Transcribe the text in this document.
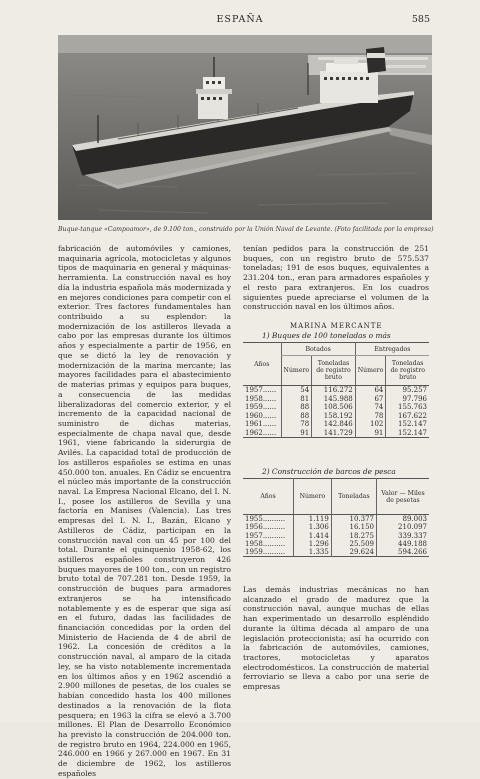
ESPAÑA	585
Buque-tanque «Campoamor», de 9.100 ton., construido por la Unión Naval de Levante. (Foto facilitada por la empresa)
fabricación de automóviles y camiones, maquinaria agrícola, motocicletas y algunos tipos de maquinaria en general y máquinas-herramienta. La construcción naval es hoy día la industria española más modernizada y en mejores condiciones para competir con el exterior. Tres factores fundamentales han contribuido a su esplendor: la modernización de los astilleros llevada a cabo por las empresas durante los últimos años y especialmente a partir de 1956, en que se dictó la ley de renovación y modernización de la marina mercante; las mayores facilidades para el abastecimiento de materias primas y equipos para buques, a consecuencia de las medidas liberalizadoras del comercio exterior, y el incremento de la capacidad nacional de suministro de dichas materias, especialmente de chapa naval que, desde 1961, viene fabricando la siderurgia de Avilés. La capacidad total de producción de los astilleros españoles se estima en unas 450.000 ton. anuales. En Cádiz se encuentra el núcleo más importante de la construcción naval. La Empresa Nacional Elcano, del I. N. I., posee los astilleros de Sevilla y una factoría en Manises (Valencia). Las tres empresas del I. N. I., Bazán, Elcano y Astilleros de Cádiz, participan en la construcción naval con un 45 por 100 del total. Durante el quinquenio 1958-62, los astilleros españoles construyeron 426 buques mayores de 100 ton., con un registro bruto total de 707.281 ton. Desde 1959, la construcción de buques para armadores extranjeros se ha intensificado notablemente y es de esperar que siga así en el futuro, dadas las facilidades de financiación concedidas por la orden del Ministerio de Hacienda de 4 de abril de 1962. La concesión de créditos a la construcción naval, al amparo de la citada ley, se ha visto notablemente incrementada en los últimos años y en 1962 ascendió a 2.900 millones de pesetas, de los cuales se habían concedido hasta los 400 millones destinados a la renovación de la flota pesquera; en 1963 la cifra se elevó a 3.700 millones. El Plan de Desarrollo Económico ha previsto la construcción de 204.000 ton. de registro bruto en 1964, 224.000 en 1965, 246.000 en 1966 y 267.000 en 1967. En 31 de diciembre de 1962, los astilleros españoles
tenían pedidos para la construcción de 251 buques, con un registro bruto de 575.537 toneladas; 191 de esos buques, equivalentes a 231.204 ton., eran para armadores españoles y el resto para extranjeros. En los cuadros siguientes puede apreciarse el volumen de la construcción naval en los últimos años.
MARINA MERCANTE
1) Buques de 100 toneladas o más
Años	Botados		Entregados	
	Número	Toneladas de registro bruto	Número	Toneladas de registro bruto
1957......	54	116.272	64	95.257
1958......	81	145.988	67	97.796
1959......	88	108.506	74	155.763
1960......	88	158.192	78	167.622
1961......	78	142.846	102	152.147
1962......	91	141.729	91	152.147
2) Construcción de barcos de pesca
Años	Número	Toneladas	Valor — Miles de pesetas
1955..........	1.119	10.377	89.003
1956..........	1.306	16.150	210.097
1957..........	1.414	18.275	339.337
1958..........	1.296	25.509	449.188
1959..........	1.335	29.624	594.266
Las demás industrias mecánicas no han alcanzado el grado de madurez que la construcción naval, aunque muchas de ellas han experimentado un desarrollo espléndido durante la última década al amparo de una legislación proteccionista; así ha ocurrido con la fabricación de automóviles, camiones, tractores, motocicletas y aparatos electrodomésticos. La construcción de material ferroviario se lleva a cabo por una serie de empresas
